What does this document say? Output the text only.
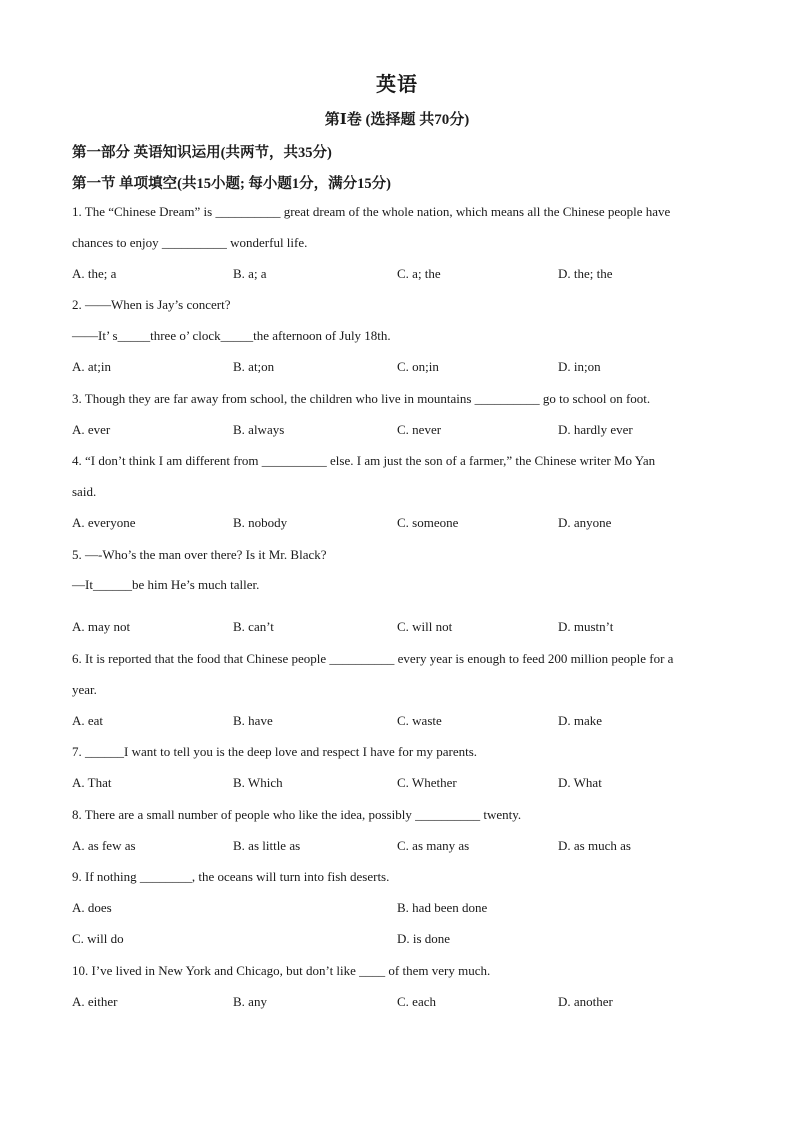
英语
第Ⅰ卷 (选择题 共70分)
第一部分 英语知识运用(共两节，共35分)
第一节 单项填空(共15小题; 每小题1分，满分15分)
1. The “Chinese Dream” is __________ great dream of the whole nation, which means all the Chinese people have
chances to enjoy __________ wonderful life.
A. the; a	B. a; a	C. a; the	D. the; the
2. ——When is Jay’s concert?
——It’ s_____three o’ clock_____the afternoon of July 18th.
A. at;in	B. at;on	C. on;in	D. in;on
3. Though they are far away from school, the children who live in mountains __________ go to school on foot.
A. ever	B. always	C. never	D. hardly ever
4. “I don’t think I am different from __________ else. I am just the son of a farmer,” the Chinese writer Mo Yan
said.
A. everyone	B. nobody	C. someone	D. anyone
5. —-Who’s the man over there? Is it Mr. Black?
—It______be him He’s much taller.
A. may not	B. can’t	C. will not	D. mustn’t
6. It is reported that the food that Chinese people __________ every year is enough to feed 200 million people for a
year.
A. eat	B. have	C. waste	D. make
7. ______I want to tell you is the deep love and respect I have for my parents.
A. That	B. Which	C. Whether	D. What
8. There are a small number of people who like the idea, possibly __________ twenty.
A. as few as	B. as little as	C. as many as	D. as much as
9. If nothing ________, the oceans will turn into fish deserts.
A. does	B. had been done
C. will do	D. is done
10. I’ve lived in New York and Chicago, but don’t like ____ of them very much.
A. either	B. any	C. each	D. another
